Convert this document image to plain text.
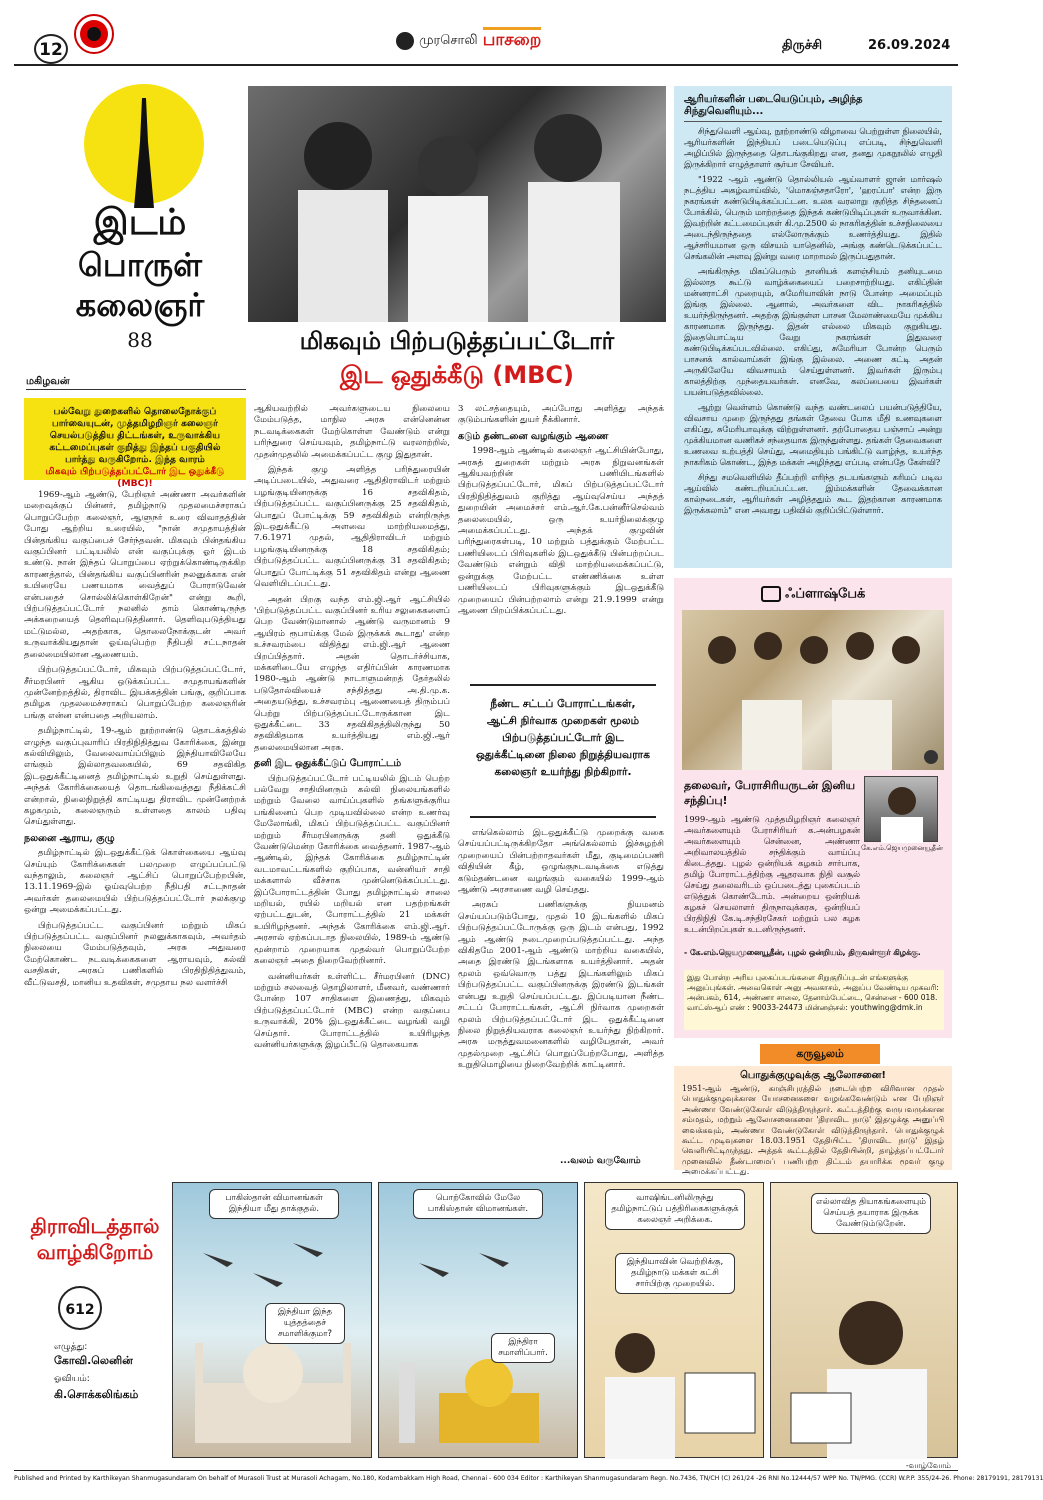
12	முரசொலி பாசறை	திருச்சி	26.09.2024
இடம்
பொருள்
கலைஞர்
88
மகிழவன்
பல்வேறு துறைகளில் தொலைநோக்குப் பார்வையுடன், முத்தமிழறிஞர் கலைஞர் செயல்படுத்திய திட்டங்கள், உருவாக்கிய கட்டமைப்புகள் குறித்து இந்தப் பகுதியில் பார்த்து வருகிறோம். இந்த வாரம்
மிகவும் பிற்படுத்தப்பட்டோர் இட ஒதுக்கீடு (MBC)!
மிகவும் பிற்படுத்தப்பட்டோர்
இட ஒதுக்கீடு (MBC)

1969-ஆம் ஆண்டு, பேறிஞர் அண்ணா அவர்களின் மறைவுக்குப் பின்னர், தமிழ்நாடு முதலமைச்சராகப் பொறுப்பேற்ற கலைஞர், ஆளுநர் உரை விவாதத்தின் போது ஆற்றிய உரையில், "நான் சமுதாயத்தின் பின்தங்கிய வகுப்பைச் சேர்ந்தவன். மிகவும் பின்தங்கிய வகுப்பினர் பட்டியலில் என் வகுப்புக்கு ஓர் இடம் உண்டு. நான் இந்தப் பொறுப்பை ஏற்றுக்கொண்டிருக்கிற காரணத்தால், பின்தங்கிய வகுப்பினரின் நலனுக்காக என் உயிரையே பணயமாக வைத்துப் போராடுவேன் என்பதைச் சொல்லிக்கொள்கிறேன்" என்று கூறி, பிற்படுத்தப்பட்டோர் நலனில் தாம் கொண்டிருந்த அக்கறையைத் தெளிவுபடுத்தினார். தெளிவுபடுத்தியது மட்டுமல்ல, அதற்காக, தொலைநோக்குடன் அவர் உருவாக்கியதுதான் ஓய்வுபெற்ற நீதிபதி சட்டநாதன் தலைமையிலான ஆணையம்.

பிற்படுத்தப்பட்டோர், மிகவும் பிற்படுத்தப்பட்டோர், சீர்மரபினர் ஆகிய ஒடுக்கப்பட்ட சமுதாயங்களின் முன்னேற்றத்தில், திராவிட இயக்கத்தின் பங்கு, குறிப்பாக தமிழக முதலமைச்சராகப் பொறுப்பேற்ற கலைஞரின் பங்கு என்ன என்பதை அறியலாம்.

தமிழ்நாட்டில், 19-ஆம் நூற்றாண்டு தொடக்கத்தில் எழுந்த வகுப்புவாரிப் பிரதிநிதித்துவ கோரிக்கை, இன்று கல்வியிலும், வேலைவாய்ப்பிலும் இந்தியாவிலேயே எங்கும் இல்லாதவகையில், 69 சதவிகித இடஒதுக்கீட்டினைத் தமிழ்நாட்டில் உறுதி செய்துள்ளது. அந்தக் கோரிக்கையைத் தொடங்கிவைத்தது நீதிக்கட்சி என்றால், நிலைநிறுத்தி காட்டியது திராவிட முன்னேற்றக் கழகமும், கலைஞரும் உள்ளதை காலம் பதிவு செய்துள்ளது.

நலனை ஆராய, குழு

தமிழ்நாட்டில் இடஒதுக்கீட்டுக் கொள்கையை ஆய்வு செய்யும் கோரிக்கைகள் பலமுறை எழுப்பப்பட்டு வந்தாலும், கலைஞர் ஆட்சிப் பொறுப்பேற்றபின், 13.11.1969-இல் ஓய்வுபெற்ற நீதிபதி சட்டநாதன் அவர்கள் தலைமையில் பிற்படுத்தப்பட்டோர் நலக்குழு ஒன்று அமைக்கப்பட்டது.

பிற்படுத்தப்பட்ட வகுப்பினர் மற்றும் மிகப் பிற்படுத்தப்பட்ட வகுப்பினர் நலனுக்காகவும், அவர்தம் நிலையை மேம்படுத்தவும், அரசு அதுவரை மேற்கொண்ட நடவடிக்கைகளை ஆராயவும், கல்வி வசதிகள், அரசுப் பணிகளில் பிரதிநிதித்துவம், வீட்டுவசதி, மானிய உதவிகள், சமுதாய நல வளர்ச்சி

ஆகியவற்றில் அவர்களுடைய நிலையை மேம்படுத்த, மாநில அரசு என்னென்ன நடவடிக்கைகள் மேற்கொள்ள வேண்டும் என்று பரிந்துரை செய்யவும், தமிழ்நாட்டு வரலாற்றில், முதன்முதலில் அமைக்கப்பட்ட குழு இதுதான்.

இந்தக் குழு அளித்த பரிந்துரையின் அடிப்படையில், அதுவரை ஆதிதிராவிடர் மற்றும் பழங்குடியினருக்கு 16 சதவிகிதம், பிற்படுத்தப்பட்ட வகுப்பினருக்கு 25 சதவிகிதம், பொதுப் போட்டிக்கு 59 சதவிகிதம் என்றிருந்த இடஒதுக்கீட்டு அளவை மாற்றியமைத்து, 7.6.1971 முதல், ஆதிதிராவிடர் மற்றும் பழங்குடியினருக்கு 18 சதவிகிதம்; பிற்படுத்தப்பட்ட வகுப்பினருக்கு 31 சதவிகிதம்; பொதுப் போட்டிக்கு 51 சதவிகிதம் என்று ஆணை வெளியிடப்பட்டது.

அதன் பிறகு வந்த எம்.ஜி.ஆர் ஆட்சியில் 'பிற்படுத்தப்பட்ட வகுப்பினர் உரிய சலுகைகளைப் பெற வேண்டுமானால் ஆண்டு வருமானம் 9 ஆயிரம் ரூபாய்க்கு மேல் இருக்கக் கூடாது' என்ற உச்சவரம்பை விதித்து எம்.ஜி.ஆர் ஆணை பிறப்பித்தார். அதன் தொடர்ச்சியாக, மக்களிடையே எழுந்த எதிர்ப்பின் காரணமாக 1980-ஆம் ஆண்டு நாடாளுமன்றத் தேர்தலில் படுதோல்வியைச் சந்தித்தது அ.தி.மு.க. அதையடுத்து, உச்சவரம்பு ஆணையைத் திரும்பப் பெற்று பிற்படுத்தப்பட்டோருக்கான இட ஒதுக்கீட்டை 33 சதவிகிதத்திலிருந்து 50 சதவிகிதமாக உயர்த்தியது எம்.ஜி.ஆர் தலைமையிலான அரசு.

தனி இட ஒதுக்கீட்டுப் போராட்டம்

பிற்படுத்தப்பட்டோர் பட்டியலில் இடம் பெற்ற பல்வேறு சாதியினரும் கல்வி நிலையங்களில் மற்றும் வேலை வாய்ப்புகளில் தங்களுக்குரிய பங்கினைப் பெற முடியவில்லை என்ற உணர்வு மேலோங்கி, மிகப் பிற்படுத்தப்பட்ட வகுப்பினர் மற்றும் சீர்மரபினருக்கு தனி ஒதுக்கீடு வேண்டுமென்ற கோரிக்கை வைத்தனர். 1987-ஆம் ஆண்டில், இந்தக் கோரிக்கை தமிழ்நாட்டின் வடமாவட்டங்களில் குறிப்பாக, வன்னியர் சாதி மக்களால் வீச்சாக முன்னெடுக்கப்பட்டது. இப்போராட்டத்தின் போது தமிழ்நாட்டில் சாலை மறியல், ரயில் மறியல் என பதற்றங்கள் ஏற்பட்டதுடன், போராட்டத்தில் 21 மக்கள் உயிரிழந்தனர். அந்தக் கோரிக்கை எம்.ஜி.ஆர். அரசால் ஏற்கப்படாத நிலையில், 1989-ம் ஆண்டு மூன்றாம் முறையாக முதல்வர் பொறுப்பேற்ற கலைஞர் அதை நிறைவேற்றினார்.

வன்னியர்கள் உள்ளிட்ட சீர்மரபினர் (DNC) மற்றும் சலவைத் தொழிலாளர், மீனவர், வண்ணார் போன்ற 107 சாதிகளை இணைத்து, மிகவும் பிற்படுத்தப்பட்டோர் (MBC) என்ற வகுப்பை உருவாக்கி, 20% இடஒதுக்கீட்டை வழங்கி வழி செய்தார். போராட்டத்தில் உயிரிழந்த வன்னியர்களுக்கு இழப்பீட்டு தொகையாக

3 லட்சத்தையும், அப்போது அளித்து அந்தக் குடும்பங்களின் துயர் நீக்கினார்.

கடும் தண்டனை வழங்கும் ஆணை

1998-ஆம் ஆண்டில் கலைஞர் ஆட்சியின்போது, அரசுத் துறைகள் மற்றும் அரசு நிறுவனங்கள் ஆகியவற்றின் பணியிடங்களில் பிற்படுத்தப்பட்டோர், மிகப் பிற்படுத்தப்பட்டோர் பிரதிநிதித்துவம் குறித்து ஆய்வுசெய்ய அந்தத் துறையின் அமைச்சர் எம்.ஆர்.கே.பன்னீர்செல்வம் தலைமையில், ஒரு உயர்நிலைக்குழு அமைக்கப்பட்டது. அந்தக் குழுவின் பரிந்துரைகள்படி, 10 மற்றும் பத்துக்கும் மேற்பட்ட பணியிடைப் பிரிவுகளில் இடஒதுக்கீடு பின்பற்றப்பட வேண்டும் என்றும் விதி மாற்றியமைக்கப்பட்டு, ஒன்றுக்கு மேற்பட்ட எண்ணிக்கை உள்ள பணியிடைப் பிரிவுகளுக்கும் இடஒதுக்கீடு முறையைப் பின்பற்றலாம் என்று 21.9.1999 என்று ஆணை பிறப்பிக்கப்பட்டது.

நீண்ட சட்டப் போராட்டங்கள், ஆட்சி நிர்வாக முறைகள் மூலம் பிற்படுத்தப்பட்டோர் இட ஒதுக்கீட்டினை நிலை நிறுத்தியவராக கலைஞர் உயர்ந்து நிற்கிறார்.

எங்கெல்லாம் இடஒதுக்கீட்டு முறைக்கு வகை செய்யப்பட்டிருக்கிறதோ அங்கெல்லாம் இச்சுழற்சி முறையைப் பின்பற்றாதவர்கள் மீது, குடிமைப்பணி விதியின் கீழ், ஒழுங்குநடவடிக்கை எடுத்து கடும்தண்டனை வழங்கும் வகையில் 1999-ஆம் ஆண்டு அரசாணை வழி செய்தது.

அரசுப் பணிகளுக்கு நியமனம் செய்யப்படும்போது, முதல் 10 இடங்களில் மிகப் பிற்படுத்தப்பட்டோருக்கு ஒரு இடம் என்பது, 1992 ஆம் ஆண்டு நடைமுறைப்படுத்தப்பட்டது. அந்த விகிதமே 2001-ஆம் ஆண்டு மாற்றிய வகையில், அதை இரண்டு இடங்களாக உயர்த்தினார். அதன் மூலம் ஒவ்வொரு பத்து இடங்களிலும் மிகப் பிற்படுத்தப்பட்ட வகுப்பினருக்கு இரண்டு இடங்கள் என்பது உறுதி செய்யப்பட்டது. இப்படியான நீண்ட சட்டப் போராட்டங்கள், ஆட்சி நிர்வாக முறைகள் மூலம் பிற்படுத்தப்பட்டோர் இட ஒதுக்கீட்டினை நிலை நிறுத்தியவராக கலைஞர் உயர்ந்து நிற்கிறார். அரசு மருத்துவமனைகளில் வழியேதான், அவர் முதல்முறை ஆட்சிப் பொறுப்பேற்றபோது, அளித்த உறுதிமொழியை நிறைவேற்றிக் காட்டினார்.

...வலம் வருவோம்
ஆரியர்களின் படையெடுப்பும், அழிந்த சிந்துவெளியும்...

சிந்துவெளி ஆய்வு, நூற்றாண்டு விழாவை பெற்றுள்ள நிலையில், ஆரியர்களின் இந்தியப் படையெடுப்பு எப்படி, சிந்துவெளி அழிப்பில் இருந்ததை தொடங்குகிறது என, தனது முகநூலில் எழுதி இருக்கிறார் எழுத்தாளர் சூர்யா சேவியர்.

"1922 -ஆம் ஆண்டு தொல்லியல் ஆய்வாளர் ஜான் மார்ஷல் நடத்திய அகழ்வாய்வில், 'மொகஞ்சதாரோ', 'ஹரப்பா' என்ற இரு நகரங்கள் கண்டுபிடிக்கப்பட்டன. உலக வரலாறு குறித்த சிந்தனைப் போக்கில், பெரும் மாற்றத்தை இந்தக் கண்டுபிடிப்புகள் உருவாக்கின. இவற்றின் கட்டமைப்புகள் கி.மு.2500 ல் நாகரிகத்தின் உச்சநிலையை அடைந்திருந்ததை எல்லோருக்கும் உணர்த்தியது. இதில் ஆச்சரியமான ஒரு விசயம் யாதெனில், அங்கு கண்டெடுக்கப்பட்ட செங்கலின் அளவு இன்று வரை மாறாமல் இருப்பதுதான்.

அங்கிருந்த மிகப்பெரும் தானியக் களஞ்சியம் தனியுடமை இல்லாத கூட்டு வாழ்க்கையைப் பறைசாற்றியது. எகிப்தின் மன்னராட்சி முறையும், சுமேரியாவின் நாடு போன்ற அமைப்பும் இங்கு இல்லை. ஆனால், அவர்களை விட நாகரிகத்தில் உயர்ந்திருந்தனர். அதற்கு இங்குள்ள பாசன மேலாண்மையே முக்கிய காரணமாக இருந்தது. இதன் எல்லை மிகவும் குறுகியது. இதையொட்டிய வேறு நகரங்கள் இதுவரை கண்டுபிடிக்கப்படவில்லை. எகிப்து, சுமேரியா போன்ற பெரும் பாசனக் கால்வாய்கள் இங்கு இல்லை. அணை கட்டி அதன் அருகிலேயே விவசாயம் செய்துள்ளனர். இவர்கள் இரும்பு காலத்திற்கு முந்தையவர்கள். எனவே, கலப்பையை இவர்கள் பயன்படுத்தவில்லை.

ஆற்று வெள்ளம் கொண்டு வந்த வண்டலைப் பயன்படுத்தியே, விவசாய முறை இருந்தது தங்கள் தேவை போக மீதி உணவுகளை எகிப்து, சுமேரியாவுக்கு விற்றுள்ளனர். தற்போதைய பஞ்சாப் அன்று முக்கியமான வணிகச் சந்தையாக இருந்துள்ளது. தங்கள் தேவைகளை உணவை உற்பத்தி செய்து, அமைதியும் பங்கிட்டு வாழ்ந்த, உயர்ந்த நாகரிகம் கொண்ட, இந்த மக்கள் அழிந்தது எப்படி என்பதே கேள்வி?

சிந்து சமவெளியில் தீப்பற்றி எரிந்த தடயங்களும் கரிமப் படிவ ஆய்வில் கண்டறியப்பட்டன. இம்மக்களின் தேவைக்கான கால்நடைகள், ஆரியர்கள் அழித்ததும் கூட இதற்கான காரணமாக இருக்கலாம்" என அவரது பதிவில் குறிப்பிட்டுள்ளார்.

ஃப்ளாஷ்பேக்
தலைவர், பேராசிரியருடன் இனிய சந்திப்பு!
கே.எம்.ஜெயமுனையூதீன்
1999-ஆம் ஆண்டு முத்தமிழறிஞர் கலைஞர் அவர்களையும் பேராசிரியர் க.அன்பழகன் அவர்களையும் சென்னை, அண்ணா அறிவாலயத்தில் சந்திக்கும் வாய்ப்பு கிடைத்தது. புழல் ஒன்றியக் கழகம் சார்பாக, தமிழ் போராட்டத்திற்கு ஆதரவாக நிதி வசூல் செய்து தலைவரிடம் ஒப்படைத்து புகைப்படம் எடுத்துக் கொண்டோம். அன்றைய ஒன்றியக் கழகச் செயலாளர் திருநாவுக்கரசு, ஒன்றியப் பிரதிநிதி கே.டி.சந்திரசேகர் மற்றும் பல கழக உடன்பிறப்புகள் உடனிருந்தனர்.
- கே.எம்.ஜெயமுனையூதீன், புழல் ஒன்றியம், திருவள்ளூர் கிழக்கு.
இது போன்ற அரிய புகைப்படங்களை சிறுகுறிப்புடன் எங்களுக்கு அனுப்புங்கள். அவைகொள் அனு அவகாசம், அனுப்ப வேண்டிய முகவரி: அன்பகம், 614, அண்ணா சாலை, தேனாம்பேட்டை, சென்னை - 600 018. வாட்ஸ்ஆப் எண் : 90033-24473 மின்னஞ்சல்: youthwing@dmk.in
கருவூலம்
பொதுக்குழுவுக்கு ஆலோசனை!
1951-ஆம் ஆண்டு, காஞ்சிபுரத்தில் நடைபெற்ற விரிவான முதல் பொதுக்குழுவுக்கான யோசனைகளை வழங்கவேண்டும் என பேறிஞர் அண்ணா வேண்டுகோள் விடுத்திருந்தார். கூட்டத்திற்கு வருபவருக்கான சம்மதம், மற்றும் ஆலோசனைகளை 'திராவிட நாடு' இதழுக்கு அனுப்பி வைக்கவும், அண்ணா வேண்டுகோள் விடுத்திருந்தார். பொதுக்குழுக் கூட்ட முடிவுகளை 18.03.1951 தேதியிட்ட 'திராவிட நாடு' இதழ் வெளியிட்டிருந்தது. அத்தக் கூட்டத்தில் தேதியின்றி, தாழ்த்தப்பட்டோர் முனைவில் தீண்டாமைப் பணிபற்ற திட்டம் தயாரிக்க மூவர் குழு அமைக்கப்பட்டது.
திராவிடத்தால்
வாழ்கிறோம்
612
எழுத்து:
கோவி.லெனின்
ஓவியம்:
கி.சொக்கலிங்கம்
பாகிஸ்தான் விமானங்கள் இந்தியா மீது தாக்குதல்.
இந்தியா இந்த யுத்தத்தைச் சமாளிக்குமா?
பொற்கோவில் மேலே பாகிஸ்தான் விமானங்கள்.
இந்திரா சமாளிப்பார்.
வாஷிங்டனிலிருந்து தமிழ்நாட்டுப் பத்திரிகைகளுக்குக் கலைஞர் அறிக்கை.
இந்தியாவின் வெற்றிக்கு, தமிழ்நாடு மக்கள் கட்சி சார்பிற்கு முறையில்.
எல்லாவித தியாகங்களையும் செய்யத் தயாராக இருக்க வேண்டும்டுறேன்.
-வாழ்வோம்
Published and Printed by Karthikeyan Shanmugasundaram On behalf of Murasoli Trust at Murasoli Achagam, No.180, Kodambakkam High Road, Chennai - 600 034 Editor : Karthikeyan Shanmugasundaram Regn. No.7436, TN/CH (C) 261/24 -26 RNI No.12444/57 WPP No. TN/PMG. (CCR) W.P.P. 355/24-26. Phone: 28179191, 28179131
